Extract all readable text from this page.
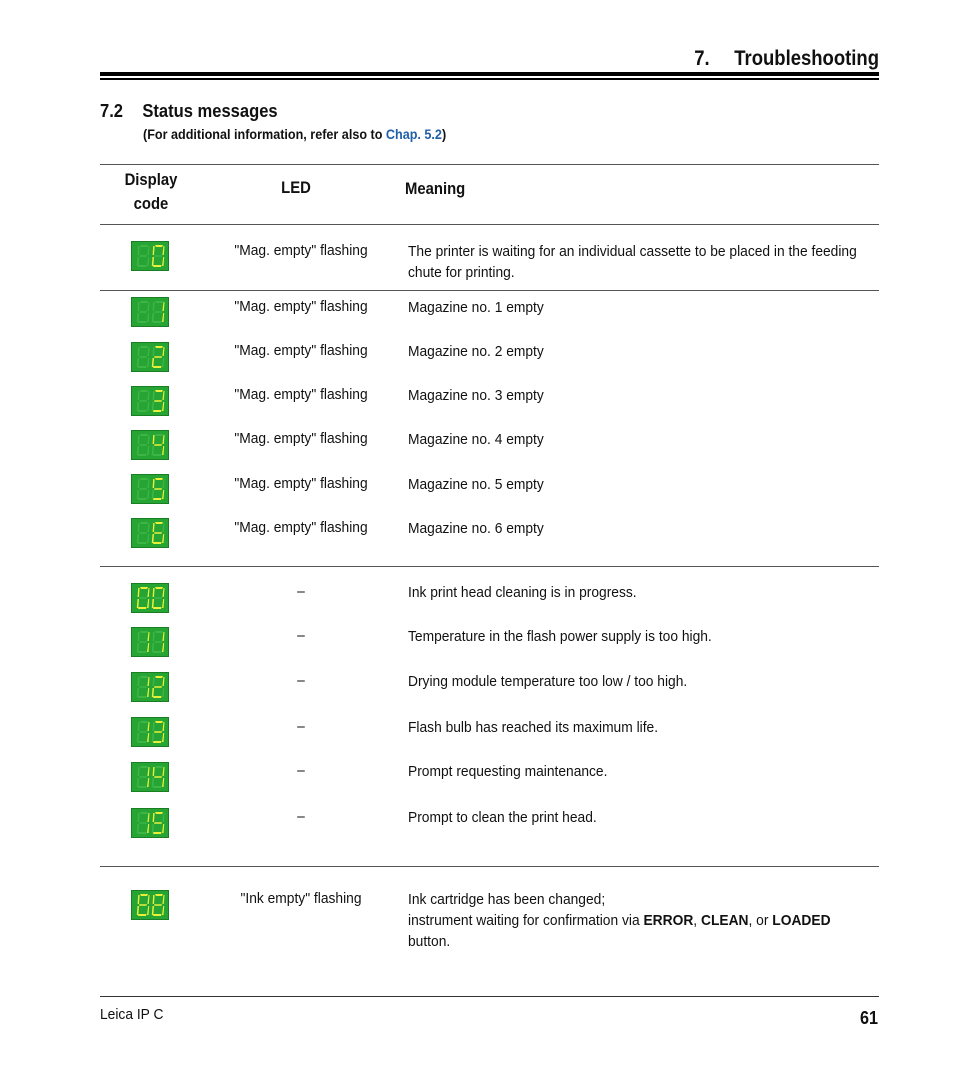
7. Troubleshooting
7.2 Status messages
(For additional information, refer also to Chap. 5.2)
Display
code
LED	Meaning
"Mag. empty" flashing	The printer is waiting for an individual cassette to be placed in the feeding chute for printing.
"Mag. empty" flashing	Magazine no. 1 empty
"Mag. empty" flashing	Magazine no. 2 empty
"Mag. empty" flashing	Magazine no. 3 empty
"Mag. empty" flashing	Magazine no. 4 empty
"Mag. empty" flashing	Magazine no. 5 empty
"Mag. empty" flashing	Magazine no. 6 empty
–	Ink print head cleaning is in progress.
–	Temperature in the flash power supply is too high.
–	Drying module temperature too low / too high.
–	Flash bulb has reached its maximum life.
–	Prompt requesting maintenance.
–	Prompt to clean the print head.
"Ink empty" flashing	Ink cartridge has been changed;
instrument waiting for confirmation via ERROR, CLEAN, or LOADED
button.
Leica IP C	61
